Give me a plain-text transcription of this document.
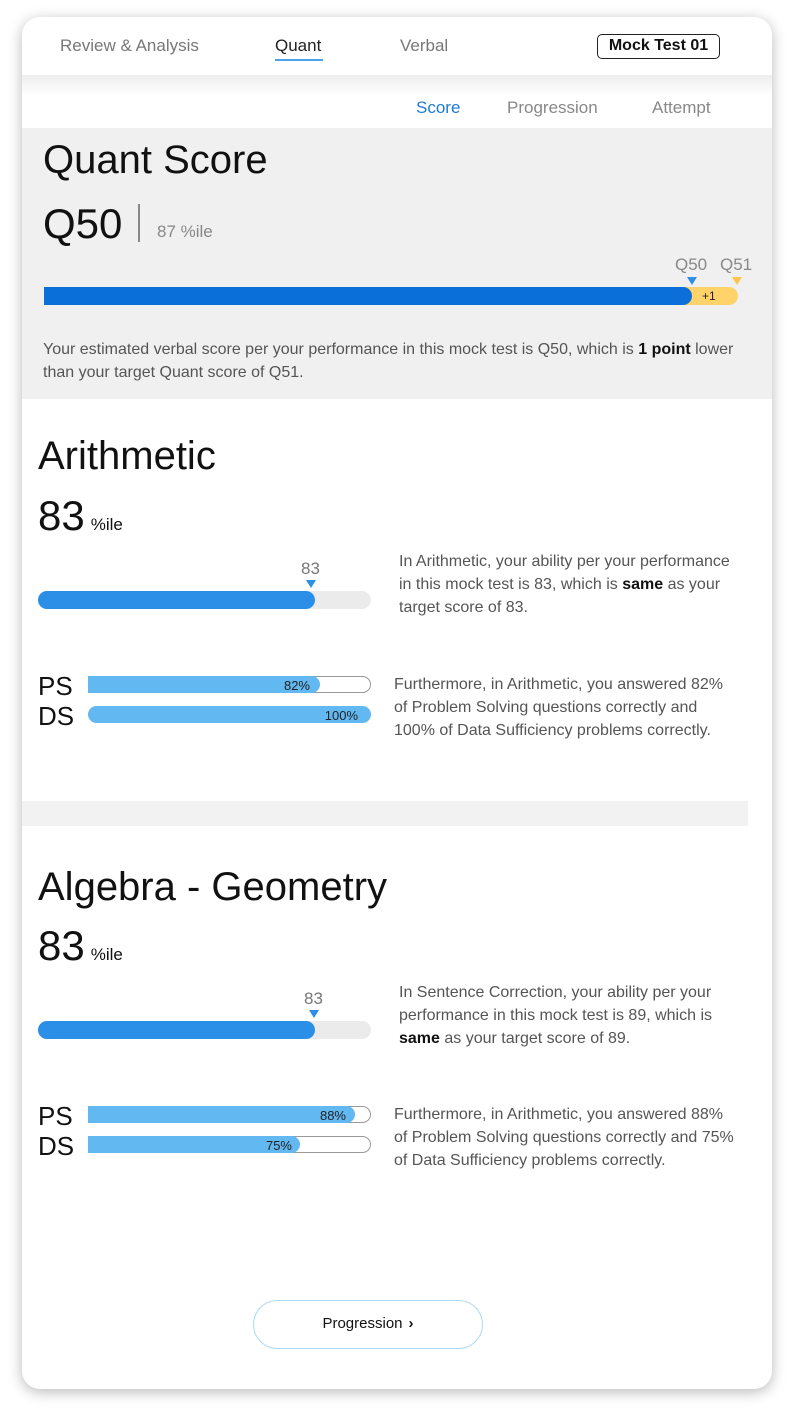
Review & Analysis	Quant	Verbal	Mock Test 01
Score	Progression	Attempt
Quant Score
Q50 87 %ile
Q50 Q51
+1
Your estimated verbal score per your performance in this mock test is Q50, which is 1 point lower than your target Quant score of Q51.
Arithmetic
83 %ile
83	In Arithmetic, your ability per your performance in this mock test is 83, which is same as your target score of 83.
PS	82%
DS	100%
Furthermore, in Arithmetic, you answered 82% of Problem Solving questions correctly and 100% of Data Sufficiency problems correctly.
Algebra - Geometry
83 %ile
83	In Sentence Correction, your ability per your performance in this mock test is 89, which is same as your target score of 89.
PS	88%
DS	75%
Furthermore, in Arithmetic, you answered 88% of Problem Solving questions correctly and 75% of Data Sufficiency problems correctly.
Progression ›
